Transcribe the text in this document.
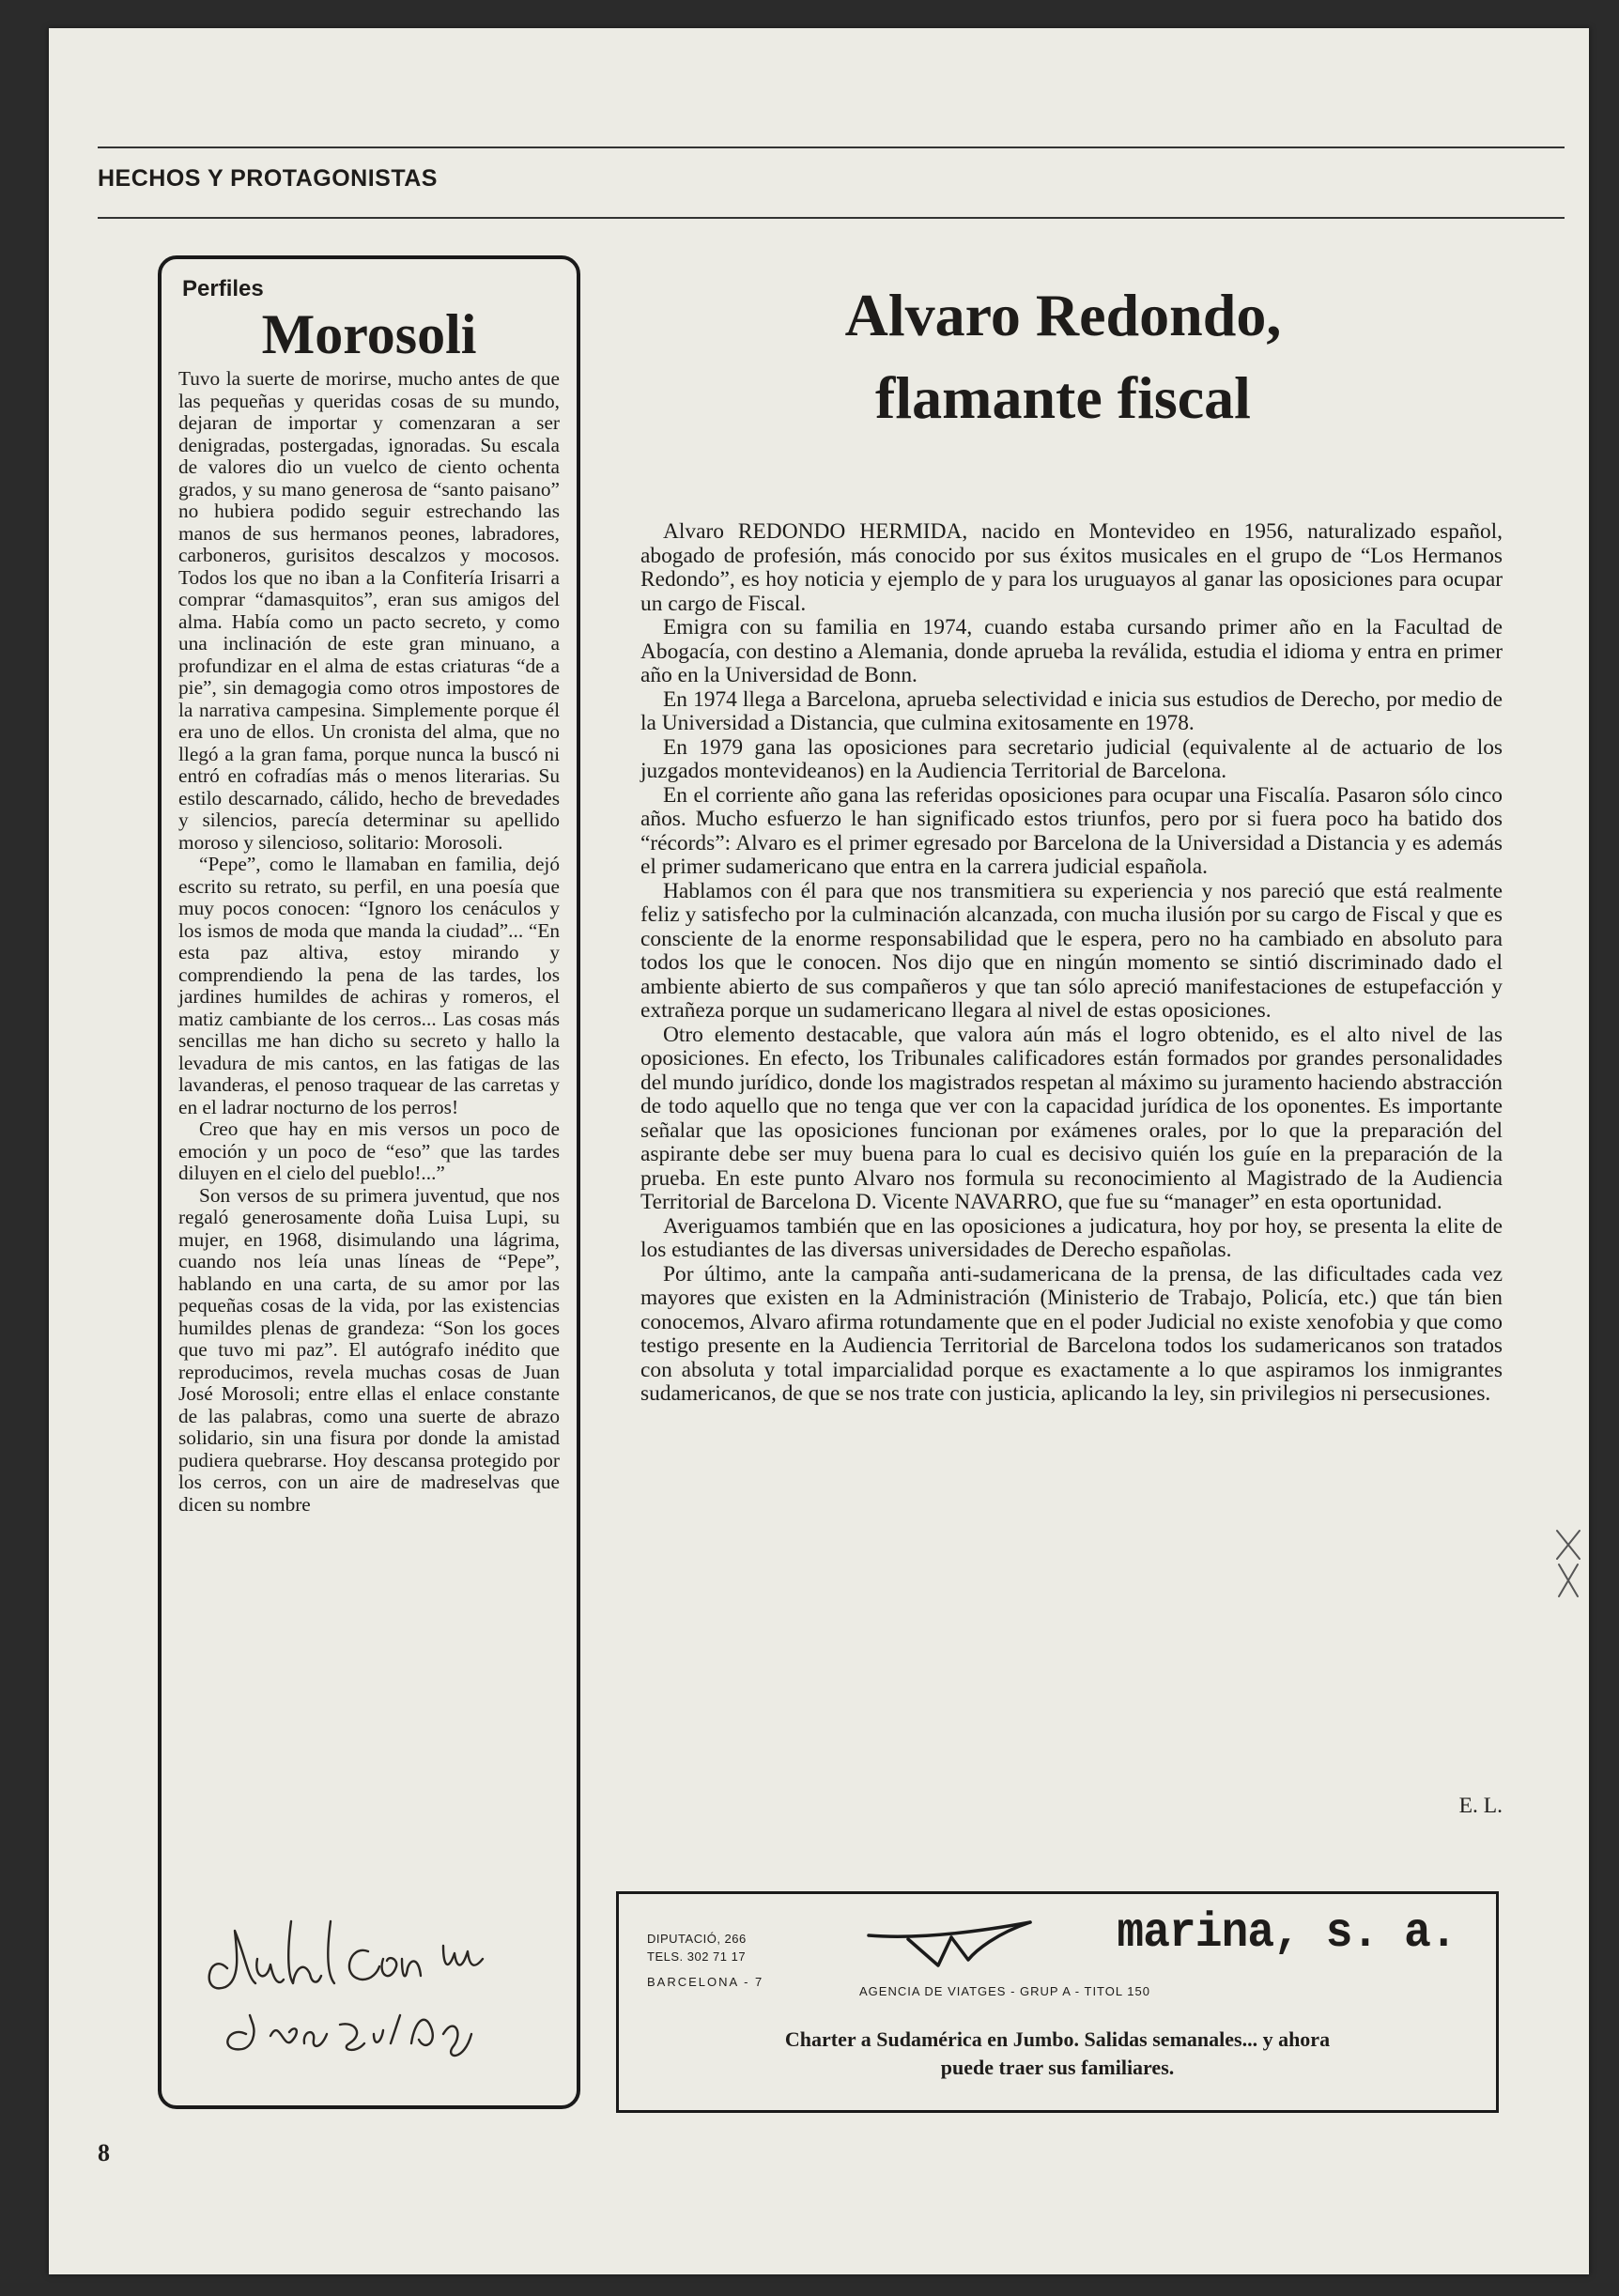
HECHOS Y PROTAGONISTAS
Perfiles
Morosoli

Tuvo la suerte de morirse, mucho antes de que las pequeñas y queridas cosas de su mundo, dejaran de importar y comenzaran a ser denigradas, postergadas, ignoradas. Su escala de valores dio un vuelco de ciento ochenta grados, y su mano generosa de “santo paisano” no hubiera podido seguir estrechando las manos de sus hermanos peones, labradores, carboneros, gurisitos descalzos y mocosos. Todos los que no iban a la Confitería Irisarri a comprar “damasquitos”, eran sus amigos del alma. Había como un pacto secreto, y como una inclinación de este gran minuano, a profundizar en el alma de estas criaturas “de a pie”, sin demagogia como otros impostores de la narrativa campesina. Simplemente porque él era uno de ellos. Un cronista del alma, que no llegó a la gran fama, porque nunca la buscó ni entró en cofradías más o menos literarias. Su estilo descarnado, cálido, hecho de brevedades y silencios, parecía determinar su apellido moroso y silencioso, solitario: Morosoli.

“Pepe”, como le llamaban en familia, dejó escrito su retrato, su perfil, en una poesía que muy pocos conocen: “Ignoro los cenáculos y los ismos de moda que manda la ciudad”... “En esta paz altiva, estoy mirando y comprendiendo la pena de las tardes, los jardines humildes de achiras y romeros, el matiz cambiante de los cerros... Las cosas más sencillas me han dicho su secreto y hallo la levadura de mis cantos, en las fatigas de las lavanderas, el penoso traquear de las carretas y en el ladrar nocturno de los perros!

Creo que hay en mis versos un poco de emoción y un poco de “eso” que las tardes diluyen en el cielo del pueblo!...”

Son versos de su primera juventud, que nos regaló generosamente doña Luisa Lupi, su mujer, en 1968, disimulando una lágrima, cuando nos leía unas líneas de “Pepe”, hablando en una carta, de su amor por las pequeñas cosas de la vida, por las existencias humildes plenas de grandeza: “Son los goces que tuvo mi paz”. El autógrafo inédito que reproducimos, revela muchas cosas de Juan José Morosoli; entre ellas el enlace constante de las palabras, como una suerte de abrazo solidario, sin una fisura por donde la amistad pudiera quebrarse. Hoy descansa protegido por los cerros, con un aire de madreselvas que dicen su nombre

Alvaro Redondo,
flamante fiscal

Alvaro REDONDO HERMIDA, nacido en Montevideo en 1956, naturalizado español, abogado de profesión, más conocido por sus éxitos musicales en el grupo de “Los Hermanos Redondo”, es hoy noticia y ejemplo de y para los uruguayos al ganar las oposiciones para ocupar un cargo de Fiscal.

Emigra con su familia en 1974, cuando estaba cursando primer año en la Facultad de Abogacía, con destino a Alemania, donde aprueba la reválida, estudia el idioma y entra en primer año en la Universidad de Bonn.

En 1974 llega a Barcelona, aprueba selectividad e inicia sus estudios de Derecho, por medio de la Universidad a Distancia, que culmina exitosamente en 1978.

En 1979 gana las oposiciones para secretario judicial (equivalente al de actuario de los juzgados montevideanos) en la Audiencia Territorial de Barcelona.

En el corriente año gana las referidas oposiciones para ocupar una Fiscalía. Pasaron sólo cinco años. Mucho esfuerzo le han significado estos triunfos, pero por si fuera poco ha batido dos “récords”: Alvaro es el primer egresado por Barcelona de la Universidad a Distancia y es además el primer sudamericano que entra en la carrera judicial española.

Hablamos con él para que nos transmitiera su experiencia y nos pareció que está realmente feliz y satisfecho por la culminación alcanzada, con mucha ilusión por su cargo de Fiscal y que es consciente de la enorme responsabilidad que le espera, pero no ha cambiado en absoluto para todos los que le conocen. Nos dijo que en ningún momento se sintió discriminado dado el ambiente abierto de sus compañeros y que tan sólo apreció manifestaciones de estupefacción y extrañeza porque un sudamericano llegara al nivel de estas oposiciones.

Otro elemento destacable, que valora aún más el logro obtenido, es el alto nivel de las oposiciones. En efecto, los Tribunales calificadores están formados por grandes personalidades del mundo jurídico, donde los magistrados respetan al máximo su juramento haciendo abstracción de todo aquello que no tenga que ver con la capacidad jurídica de los oponentes. Es importante señalar que las oposiciones funcionan por exámenes orales, por lo que la preparación del aspirante debe ser muy buena para lo cual es decisivo quién los guíe en la preparación de la prueba. En este punto Alvaro nos formula su reconocimiento al Magistrado de la Audiencia Territorial de Barcelona D. Vicente NAVARRO, que fue su “manager” en esta oportunidad.

Averiguamos también que en las oposiciones a judicatura, hoy por hoy, se presenta la elite de los estudiantes de las diversas universidades de Derecho españolas.

Por último, ante la campaña anti-sudamericana de la prensa, de las dificultades cada vez mayores que existen en la Administración (Ministerio de Trabajo, Policía, etc.) que tán bien conocemos, Alvaro afirma rotundamente que en el poder Judicial no existe xenofobia y que como testigo presente en la Audiencia Territorial de Barcelona todos los sudamericanos son tratados con absoluta y total imparcialidad porque es exactamente a lo que aspiramos los inmigrantes sudamericanos, de que se nos trate con justicia, aplicando la ley, sin privilegios ni persecusiones.

E. L.

DIPUTACIÓ, 266
TELS. 302 71 17
BARCELONA - 7
AGENCIA DE VIATGES - GRUP A - TITOL 150
marina, s. a.
Charter a Sudamérica en Jumbo. Salidas semanales... y ahora
puede traer sus familiares.

8
